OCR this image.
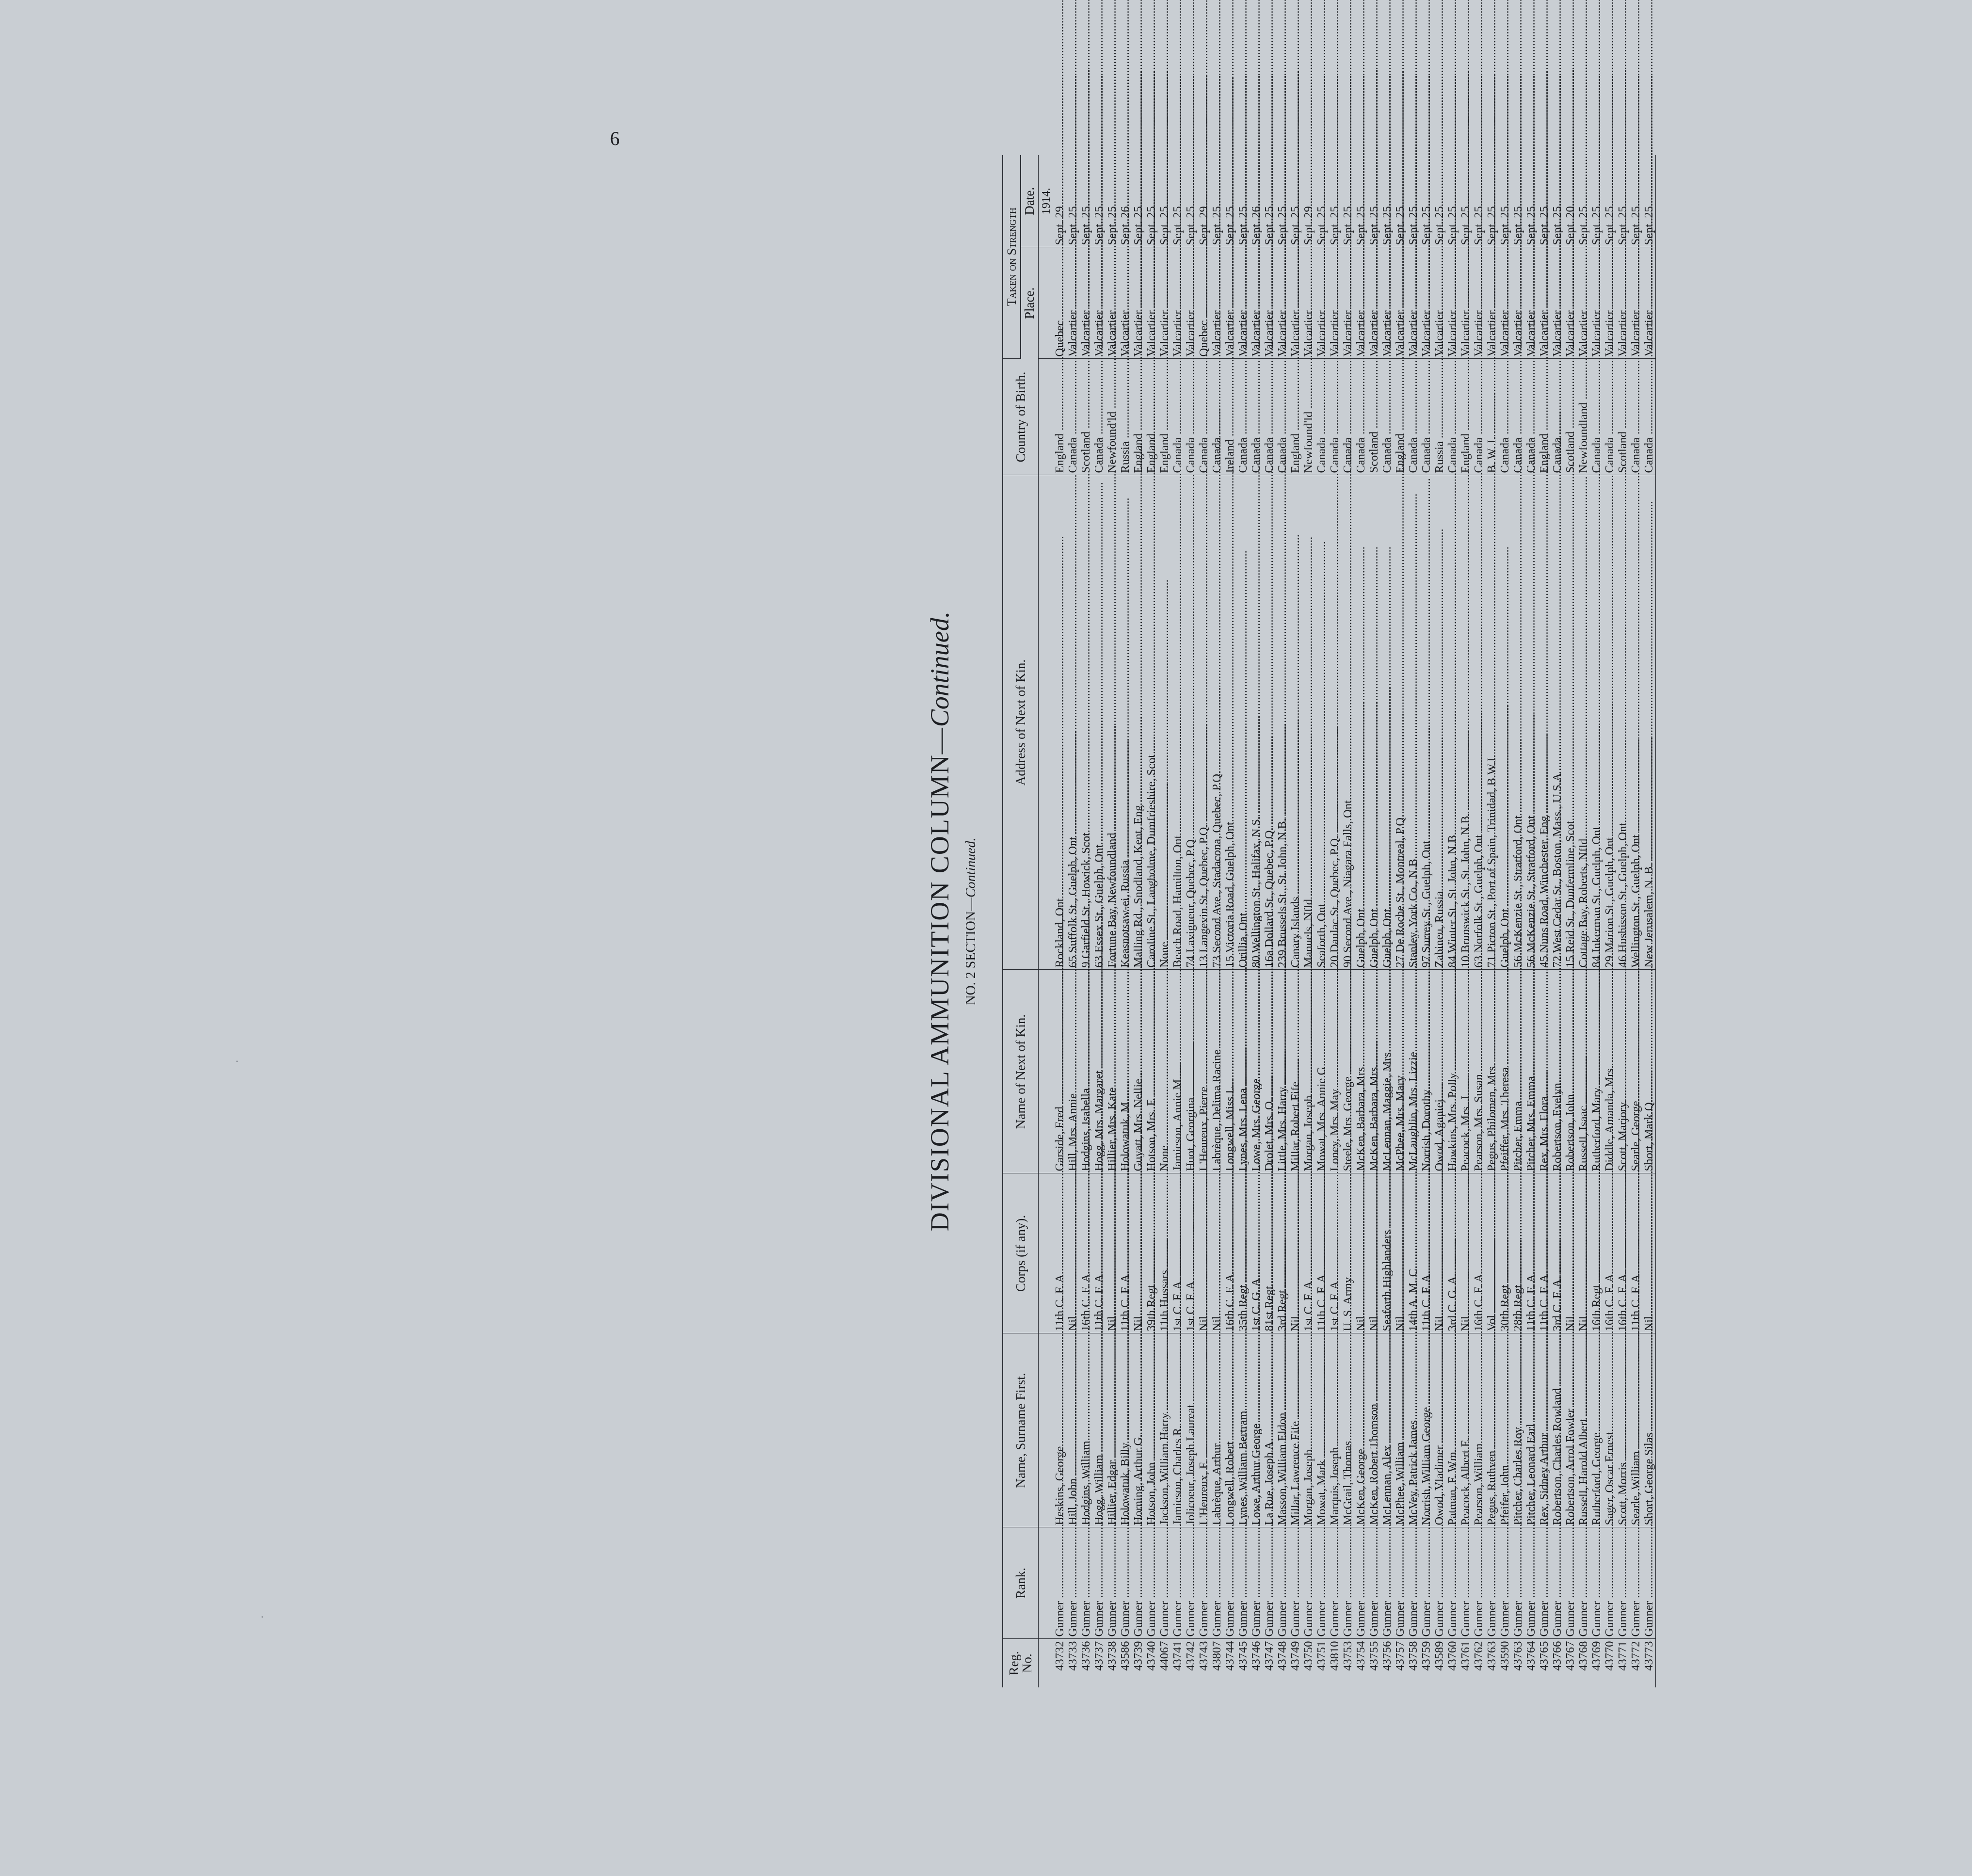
6
.
.
DIVISIONAL AMMUNITION COLUMN—Continued.
NO. 2 SECTION—Continued.
Reg. No.	Rank.	Name, Surname First.	Corps (if any).	Name of Next of Kin.	Address of Next of Kin.	Country of Birth.	Taken on Strength	
							Place.	Date.
								1914.
43732	Gunner .....	Heskins, George .....	11th C. F. A. .....	Garside, Fred .....	Rockland, Ont .....	England .....	Quebec .....	Sept. 29
43733	Gunner .....	Hill, John .....	Nil .....	Hill, Mrs. Annie .....	65 Suffolk St., Guelph, Ont .....	Canada .....	Valcartier .....	Sept. 25
43736	Gunner .....	Hodgins, William .....	16th C. F. A. .....	Hodgins, Isabella .....	9 Garfield St., Howick, Scot .....	Scotland .....	Valcartier .....	Sept. 25
43737	Gunner .....	Hogg, William .....	11th C. F. A. .....	Hogg, Mrs. Margaret .....	63 Essex St., Guelph, Ont .....	Canada .....	Valcartier .....	Sept. 25
43738	Gunner .....	Hillier, Edgar .....	Nil .....	Hillier, Mrs. Kate .....	Fortune Bay, Newfoundland .....	Newfound'ld .....	Valcartier .....	Sept. 25
43586	Gunner .....	Holowatuk, Billy .....	11th C. F. A. .....	Holowatuk, M .....	Keasnotsaw-ei, Russia .....	Russia .....	Valcartier .....	Sept. 26
43739	Gunner .....	Horning, Arthur G. .....	Nil .....	Guyatt, Mrs. Nellie .....	Malling Rd., Snodland, Kent, Eng .....	England .....	Valcartier .....	Sept. 25
43740	Gunner .....	Hotson, John .....	39th Regt .....	Hotson, Mrs. E .....	Caroline St., Langholme, Dumfrieshire, Scot .....	England .....	Valcartier .....	Sept. 25
44067	Gunner .....	Jackson, William Harry .....	11th Hussars .....	None .....	None .....	England .....	Valcartier .....	Sept. 25
43741	Gunner .....	Jamieson, Charles R. .....	1st C. F. A. .....	Jamieson, Annie M .....	Beach Road, Hamilton, Ont .....	Canada .....	Valcartier .....	Sept. 25
43742	Gunner .....	Jolicoeur, Joseph Laureat .....	1st C. F. A. .....	Huot, Georgina .....	74 Lavigueur, Quebec, P.Q. .....	Canada .....	Valcartier .....	Sept. 25
43743	Gunner .....	L'Heureux, F. .....	Nil .....	L'Heureux, Pierre .....	13 Langevin St., Quebec, P.Q. .....	Canada .....	Quebec .....	Sept. 29
43807	Gunner .....	Labrèque, Arthur .....	Nil .....	Labrèque, Delima Racine .....	73 Second Ave., Stadacona, Quebec, P.Q. .....	Canada .....	Valcartier .....	Sept. 25
43744	Gunner .....	Longwell, Robert .....	16th C. F. A. .....	Longwell, Miss L. .....	15 Victoria Road, Guelph, Ont .....	Ireland .....	Valcartier .....	Sept. 25
43745	Gunner .....	Lynes, William Bertram .....	35th Regt .....	Lynes, Mrs. Lena .....	Orillia, Ont .....	Canada .....	Valcartier .....	Sept. 25
43746	Gunner .....	Lowe, Arthur George .....	1st C. G. A. .....	Lowe, Mrs. George .....	80 Wellington St., Halifax, N.S. .....	Canada .....	Valcartier .....	Sept. 26
43747	Gunner .....	La Rue, Joseph A. .....	81st Regt .....	Drolet, Mrs. O. .....	16a Dollard St., Quebec, P.Q. .....	Canada .....	Valcartier .....	Sept. 25
43748	Gunner .....	Masson, William Eldon .....	3rd Regt .....	Little, Mrs. Harry .....	239 Brussels St., St. John, N.B. .....	Canada .....	Valcartier .....	Sept. 25
43749	Gunner .....	Millar, Lawrence Fife .....	Nil .....	Millar, Robert Fife .....	Canary Islands .....	England .....	Valcartier .....	Sept. 25
43750	Gunner .....	Morgan, Joseph .....	1st C. F. A. .....	Morgan, Joseph .....	Manuels, Nfld .....	Newfound'ld .....	Valcartier .....	Sept. 29
43751	Gunner .....	Mowat, Mark .....	11th C. F. A. .....	Mowat, Mrs. Annie G .....	Seaforth, Ont .....	Canada .....	Valcartier .....	Sept. 25
43810	Gunner .....	Marquis, Joseph .....	1st C. F. A. .....	Loney, Mrs. May .....	20 Daulac St., Quebec, P.Q. .....	Canada .....	Valcartier .....	Sept. 25
43753	Gunner .....	McGrail, Thomas .....	U. S. Army .....	Steele, Mrs. George .....	90 Second Ave., Niagara Falls, Ont .....	Canada .....	Valcartier .....	Sept. 25
43754	Gunner .....	McKen, George .....	Nil .....	McKen, Barbara, Mrs. .....	Guelph, Ont .....	Canada .....	Valcartier .....	Sept. 25
43755	Gunner .....	McKen, Robert Thomson .....	Nil .....	McKen, Barbara, Mrs. .....	Guelph, Ont .....	Scotland .....	Valcartier .....	Sept. 25
43756	Gunner .....	McLennan, Alex .....	Seaforth Highlanders .....	McLennan, Maggie, Mrs. .....	Guelph, Ont .....	Canada .....	Valcartier .....	Sept. 25
43757	Gunner .....	McPhee, William .....	Nil .....	McPhee, Mrs. Mary .....	27 De Roche St., Montreal, P.Q. .....	England .....	Valcartier .....	Sept. 25
43758	Gunner .....	McVey, Patrick James .....	14th A. M. C. .....	McLaughlin, Mrs. Lizzie .....	Stanley, York Co., N.B. .....	Canada .....	Valcartier .....	Sept. 25
43759	Gunner .....	Norrish, William George .....	11th C. F. A. .....	Norrish, Dorothy .....	97 Surrey St., Guelph, Ont .....	Canada .....	Valcartier .....	Sept. 25
43589	Gunner .....	Owod, Vladimer .....	Nil .....	Owod, Agapiej .....	Zabineu, Russia .....	Russia .....	Valcartier .....	Sept. 25
43760	Gunner .....	Patman, F. Wm. .....	3rd C. G. A. .....	Hawkins, Mrs. Polly .....	84 Winter St., St. John, N.B. .....	Canada .....	Valcartier .....	Sept. 25
43761	Gunner .....	Peacock, Albert E. .....	Nil .....	Peacock, Mrs. J. .....	10 Brunswick St., St. John, N.B. .....	England .....	Valcartier .....	Sept. 25
43762	Gunner .....	Pearson, William .....	16th C. F. A. .....	Pearson, Mrs. Susan .....	63 Norfolk St., Guelph, Ont .....	Canada .....	Valcartier .....	Sept. 25
43763	Gunner .....	Pegus, Ruthven .....	Vol .....	Pegus, Philomen, Mrs. .....	71 Picton St., Port of Spain, Trinidad, B.W.I. .....	B. W. I. .....	Valcartier .....	Sept. 25
43590	Gunner .....	Pfeifer, John .....	30th Regt .....	Pfeiffer, Mrs. Theresa .....	Guelph, Ont .....	Canada .....	Valcartier .....	Sept. 25
43763	Gunner .....	Pitcher, Charles Roy .....	28th Regt .....	Pitcher, Emma .....	56 McKenzie St., Stratford, Ont .....	Canada .....	Valcartier .....	Sept. 25
43764	Gunner .....	Pitcher, Leonard Earl .....	11th C. F. A. .....	Pitcher, Mrs. Emma .....	56 McKenzie St., Stratford, Ont .....	Canada .....	Valcartier .....	Sept. 25
43765	Gunner .....	Rex, Sidney Arthur .....	11th C. F. A. .....	Rex, Mrs. Flora .....	45 Nuns Road, Winchester, Eng .....	England .....	Valcartier .....	Sept. 25
43766	Gunner .....	Robertson, Charles Rowland .....	3rd C. F. A. .....	Robertson, Evelyn .....	72 West Cedar St., Boston, Mass., U.S.A .....	Canada .....	Valcartier .....	Sept. 25
43767	Gunner .....	Robertson, Arrol Fowler .....	Nil .....	Robertson, John .....	15 Reid St., Dunfermline, Scot .....	Scotland .....	Valcartier .....	Sept. 20
43768	Gunner .....	Russell, Harold Albert .....	Nil .....	Russell, Isaac .....	Cottage Bay, Roberts, Nfld .....	Newfoundland .....	Valcartier .....	Sept. 25
43769	Gunner .....	Rutherford, George .....	16th Regt .....	Rutherford, Mary .....	84 Inkerman St., Guelph, Ont .....	Canada .....	Valcartier .....	Sept. 25
43770	Gunner .....	Sager, Oscar Ernest .....	16th C. F. A. .....	Diddle, Amanda, Mrs. .....	29 Marion St., Guelph, Ont .....	Canada .....	Valcartier .....	Sept. 25
43771	Gunner .....	Scott, Morris .....	16th C. F. A. .....	Scott, Marjory .....	46 Hushisson St., Guelph, Ont .....	Scotland .....	Valcartier .....	Sept. 25
43772	Gunner .....	Searle, William .....	11th C. F. A. .....	Searle, George .....	Wellington St., Guelph, Ont .....	Canada .....	Valcartier .....	Sept. 25
43773	Gunner .....	Short, George Silas .....	Nil .....	Short, Mark Q. .....	New Jerusalem, N. B. .....	Canada .....	Valcartier .....	Sept. 25
